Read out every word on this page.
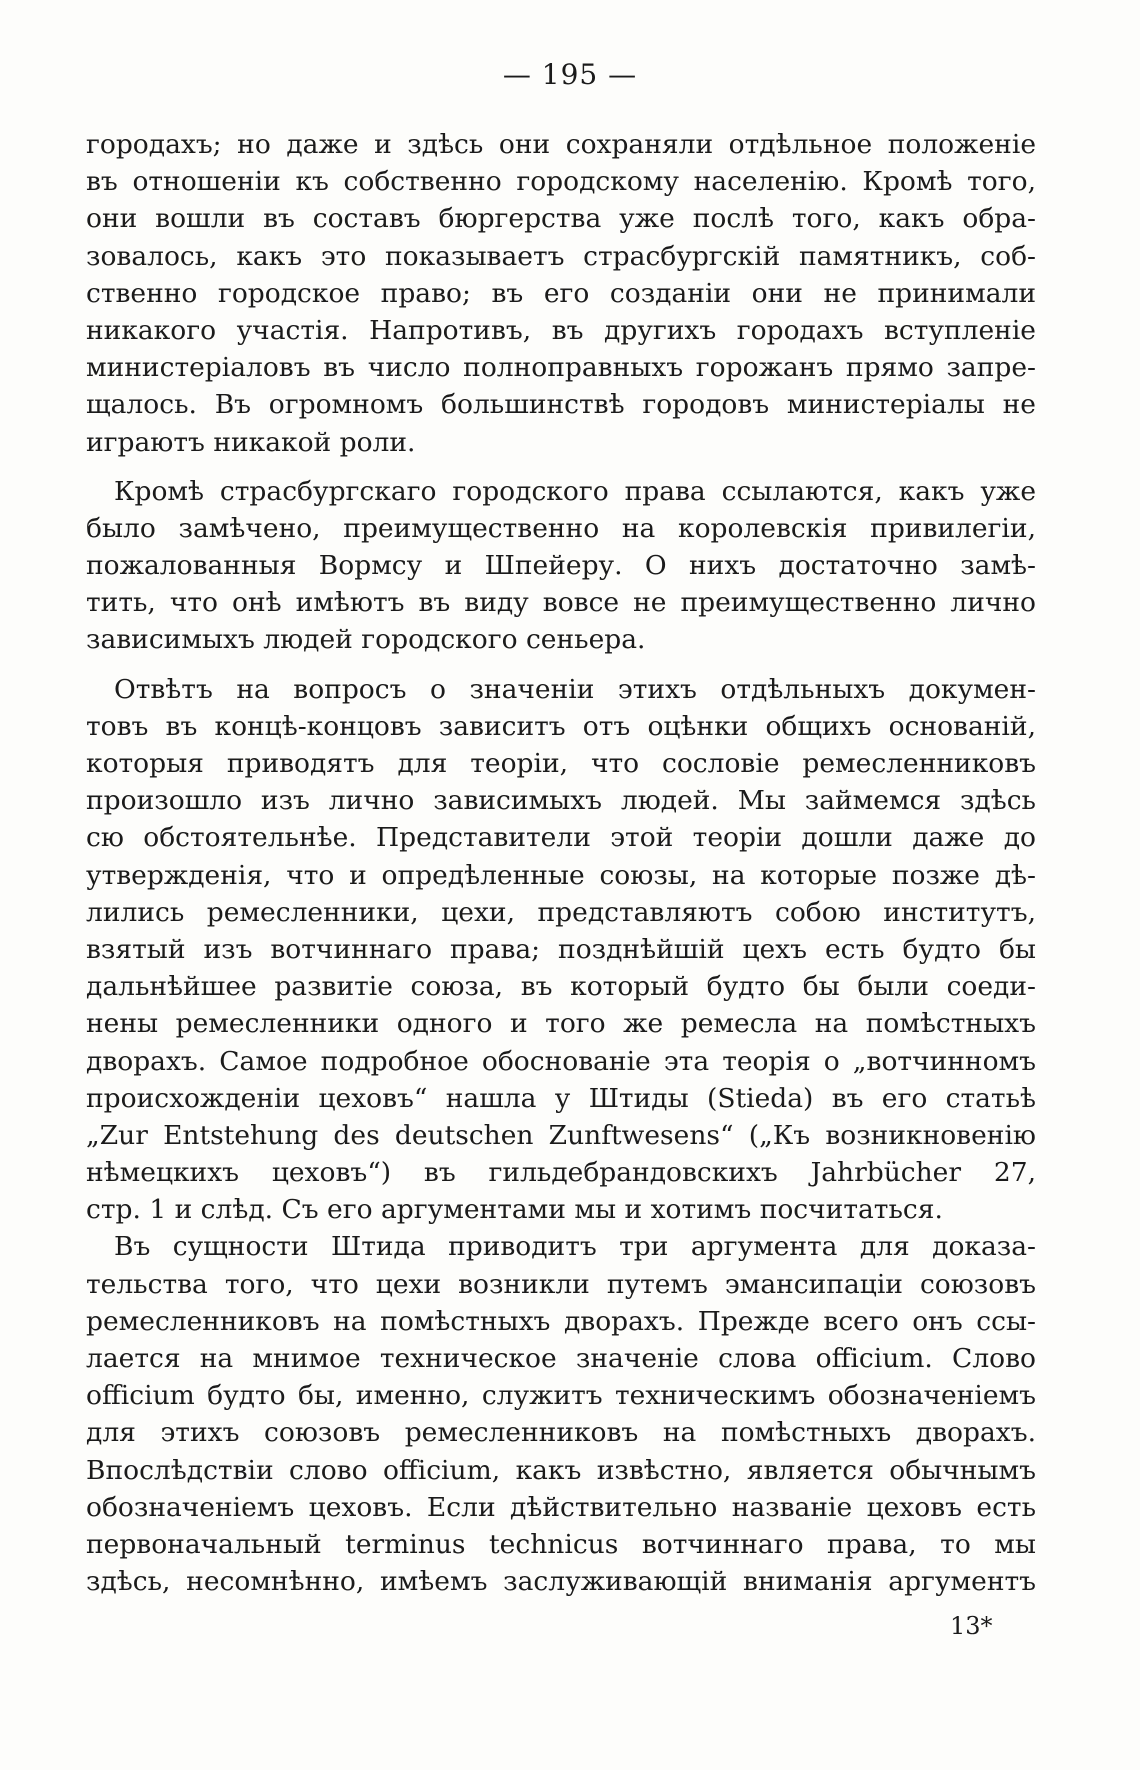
— 195 —
городахъ; но даже и здѣсь они сохраняли отдѣльное положеніе
въ отношеніи къ собственно городскому населенію. Кромѣ того,
они вошли въ составъ бюргерства уже послѣ того, какъ обра-
зовалось, какъ это показываетъ страсбургскій памятникъ, соб-
ственно городское право; въ его созданіи они не принимали
никакого участія. Напротивъ, въ другихъ городахъ вступленіе
министеріаловъ въ число полноправныхъ горожанъ прямо запре-
щалось. Въ огромномъ большинствѣ городовъ министеріалы не
играютъ никакой роли.
Кромѣ страсбургскаго городского права ссылаются, какъ уже
было замѣчено, преимущественно на королевскія привилегіи,
пожалованныя Вормсу и Шпейеру. О нихъ достаточно замѣ-
тить, что онѣ имѣютъ въ виду вовсе не преимущественно лично
зависимыхъ людей городского сеньера.
Отвѣтъ на вопросъ о значеніи этихъ отдѣльныхъ докумен-
товъ въ концѣ-концовъ зависитъ отъ оцѣнки общихъ основаній,
которыя приводятъ для теоріи, что сословіе ремесленниковъ
произошло изъ лично зависимыхъ людей. Мы займемся здѣсь
сю обстоятельнѣе. Представители этой теоріи дошли даже до
утвержденія, что и опредѣленные союзы, на которые позже дѣ-
лились ремесленники, цехи, представляютъ собою институтъ,
взятый изъ вотчиннаго права; позднѣйшій цехъ есть будто бы
дальнѣйшее развитіе союза, въ который будто бы были соеди-
нены ремесленники одного и того же ремесла на помѣстныхъ
дворахъ. Самое подробное обоснованіе эта теорія о „вотчинномъ
происхожденіи цеховъ“ нашла у Штиды (Stieda) въ его статьѣ
„Zur Entstehung des deutschen Zunftwesens“ („Къ возникновенію
нѣмецкихъ цеховъ“) въ гильдебрандовскихъ Jahrbücher 27,
стр. 1 и слѣд. Съ его аргументами мы и хотимъ посчитаться.
Въ сущности Штида приводитъ три аргумента для доказа-
тельства того, что цехи возникли путемъ эмансипаціи союзовъ
ремесленниковъ на помѣстныхъ дворахъ. Прежде всего онъ ссы-
лается на мнимое техническое значеніе слова officium. Слово
officium будто бы, именно, служитъ техническимъ обозначеніемъ
для этихъ союзовъ ремесленниковъ на помѣстныхъ дворахъ.
Впослѣдствіи слово officium, какъ извѣстно, является обычнымъ
обозначеніемъ цеховъ. Если дѣйствительно названіе цеховъ есть
первоначальный terminus technicus вотчиннаго права, то мы
здѣсь, несомнѣнно, имѣемъ заслуживающій вниманія аргументъ
13*
